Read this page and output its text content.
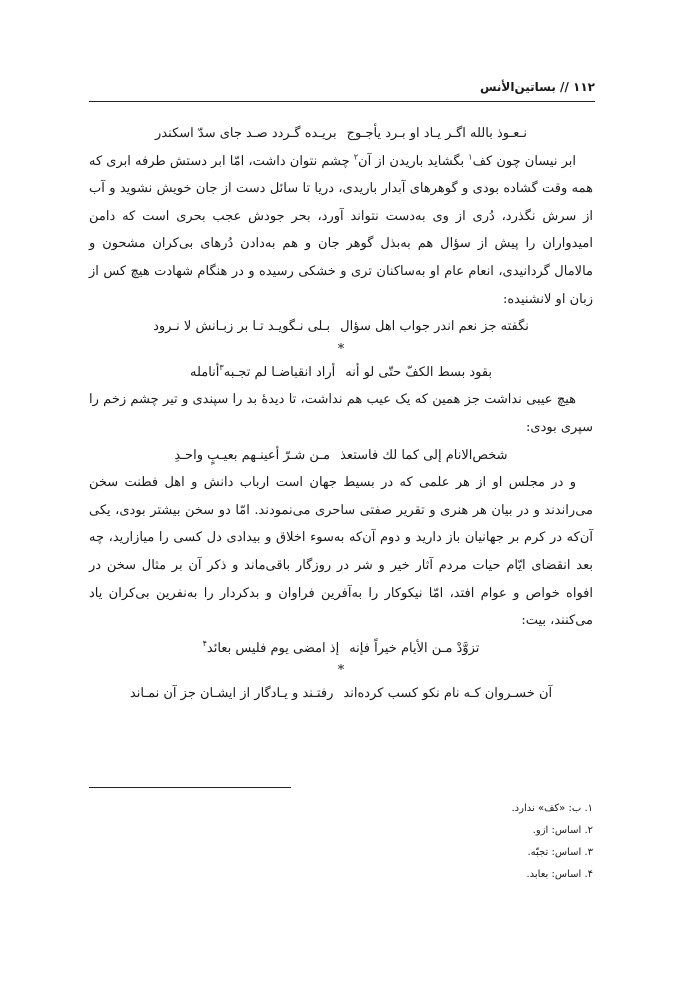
۱۱۲ // بساتین‌الأنس
نـعـوذ بالله اگـر یـاد او بـرد یأجـوج
بریـده گـردد صـد جای سدّ اسکندر

ابر نیسان چون کف$^۱$ بگشاید باریدن از آن$^۲$ چشم نتوان داشت، امّا ابر دستش طرفه ابری که همه وقت گشاده بودی و گوهرهای آبدار باریدی، دریا تا سائل دست از جان خویش نشوید و آب از سرش نگذرد، دُری از وی به‌دست نتواند آورد، بحر جودش عجب بحری است که دامن امیدواران را پیش از سؤال هم به‌بذل گوهر جان و هم به‌دادن دُرهای بی‌کران مشحون و مالامال گردانیدی، انعام عام او به‌ساکنان تری و خشکی رسیده و در هنگام شهادت هیچ کس از زبان او لانشنیده:

نگفته جز نعم اندر جواب اهل سؤال
بـلی نـگویـد تـا بر زبـانش لا نـرود
*
بقود بسط الکفّ حتّی لو أنه
أراد انقباضـا لم تجـبه۳أنامله

هیچ عیبی نداشت جز همین که یک عیب هم نداشت، تا دیدهٔ بد را سپندی و تیر چشم زخم را سپری بودی:

شخص‌الانام إلی کما لك فاستعذ
مـن شـرّ أعینـهم بعیـبٍ واحـدِ

و در مجلس او از هر علمی که در بسیط جهان است ارباب دانش و اهل فطنت سخن می‌راندند و در بیان هر هنری و تقریر صفتی ساحری می‌نمودند. امّا دو سخن بیشتر بودی، یکی آن‌که در کرم بر جهانیان باز دارید و دوم آن‌که به‌سوء اخلاق و بیدادی دل کسی را میازارید، چه بعد انقضای ایّام حیات مردم آثار خیر و شر در روزگار باقی‌ماند و ذکر آن بر مثال سخن در افواه خواص و عوام افتد، امّا نیکوکار را به‌آفرین فراوان و بدکردار را به‌نفرین بی‌کران یاد می‌کنند، بیت:

تزوَّدْ مـن الأیام خیراً فإنه
إذ امضی یوم فلیس بعائد۴
*
آن خسـروان کـه نام نکو کسب کرده‌اند
رفتـند و یـادگار از ایشـان جز آن نمـاند
۱. ب: «کف» ندارد.
۲. اساس: ازو.
۳. اساس: تجبّه.
۴. اساس: بعابد.
